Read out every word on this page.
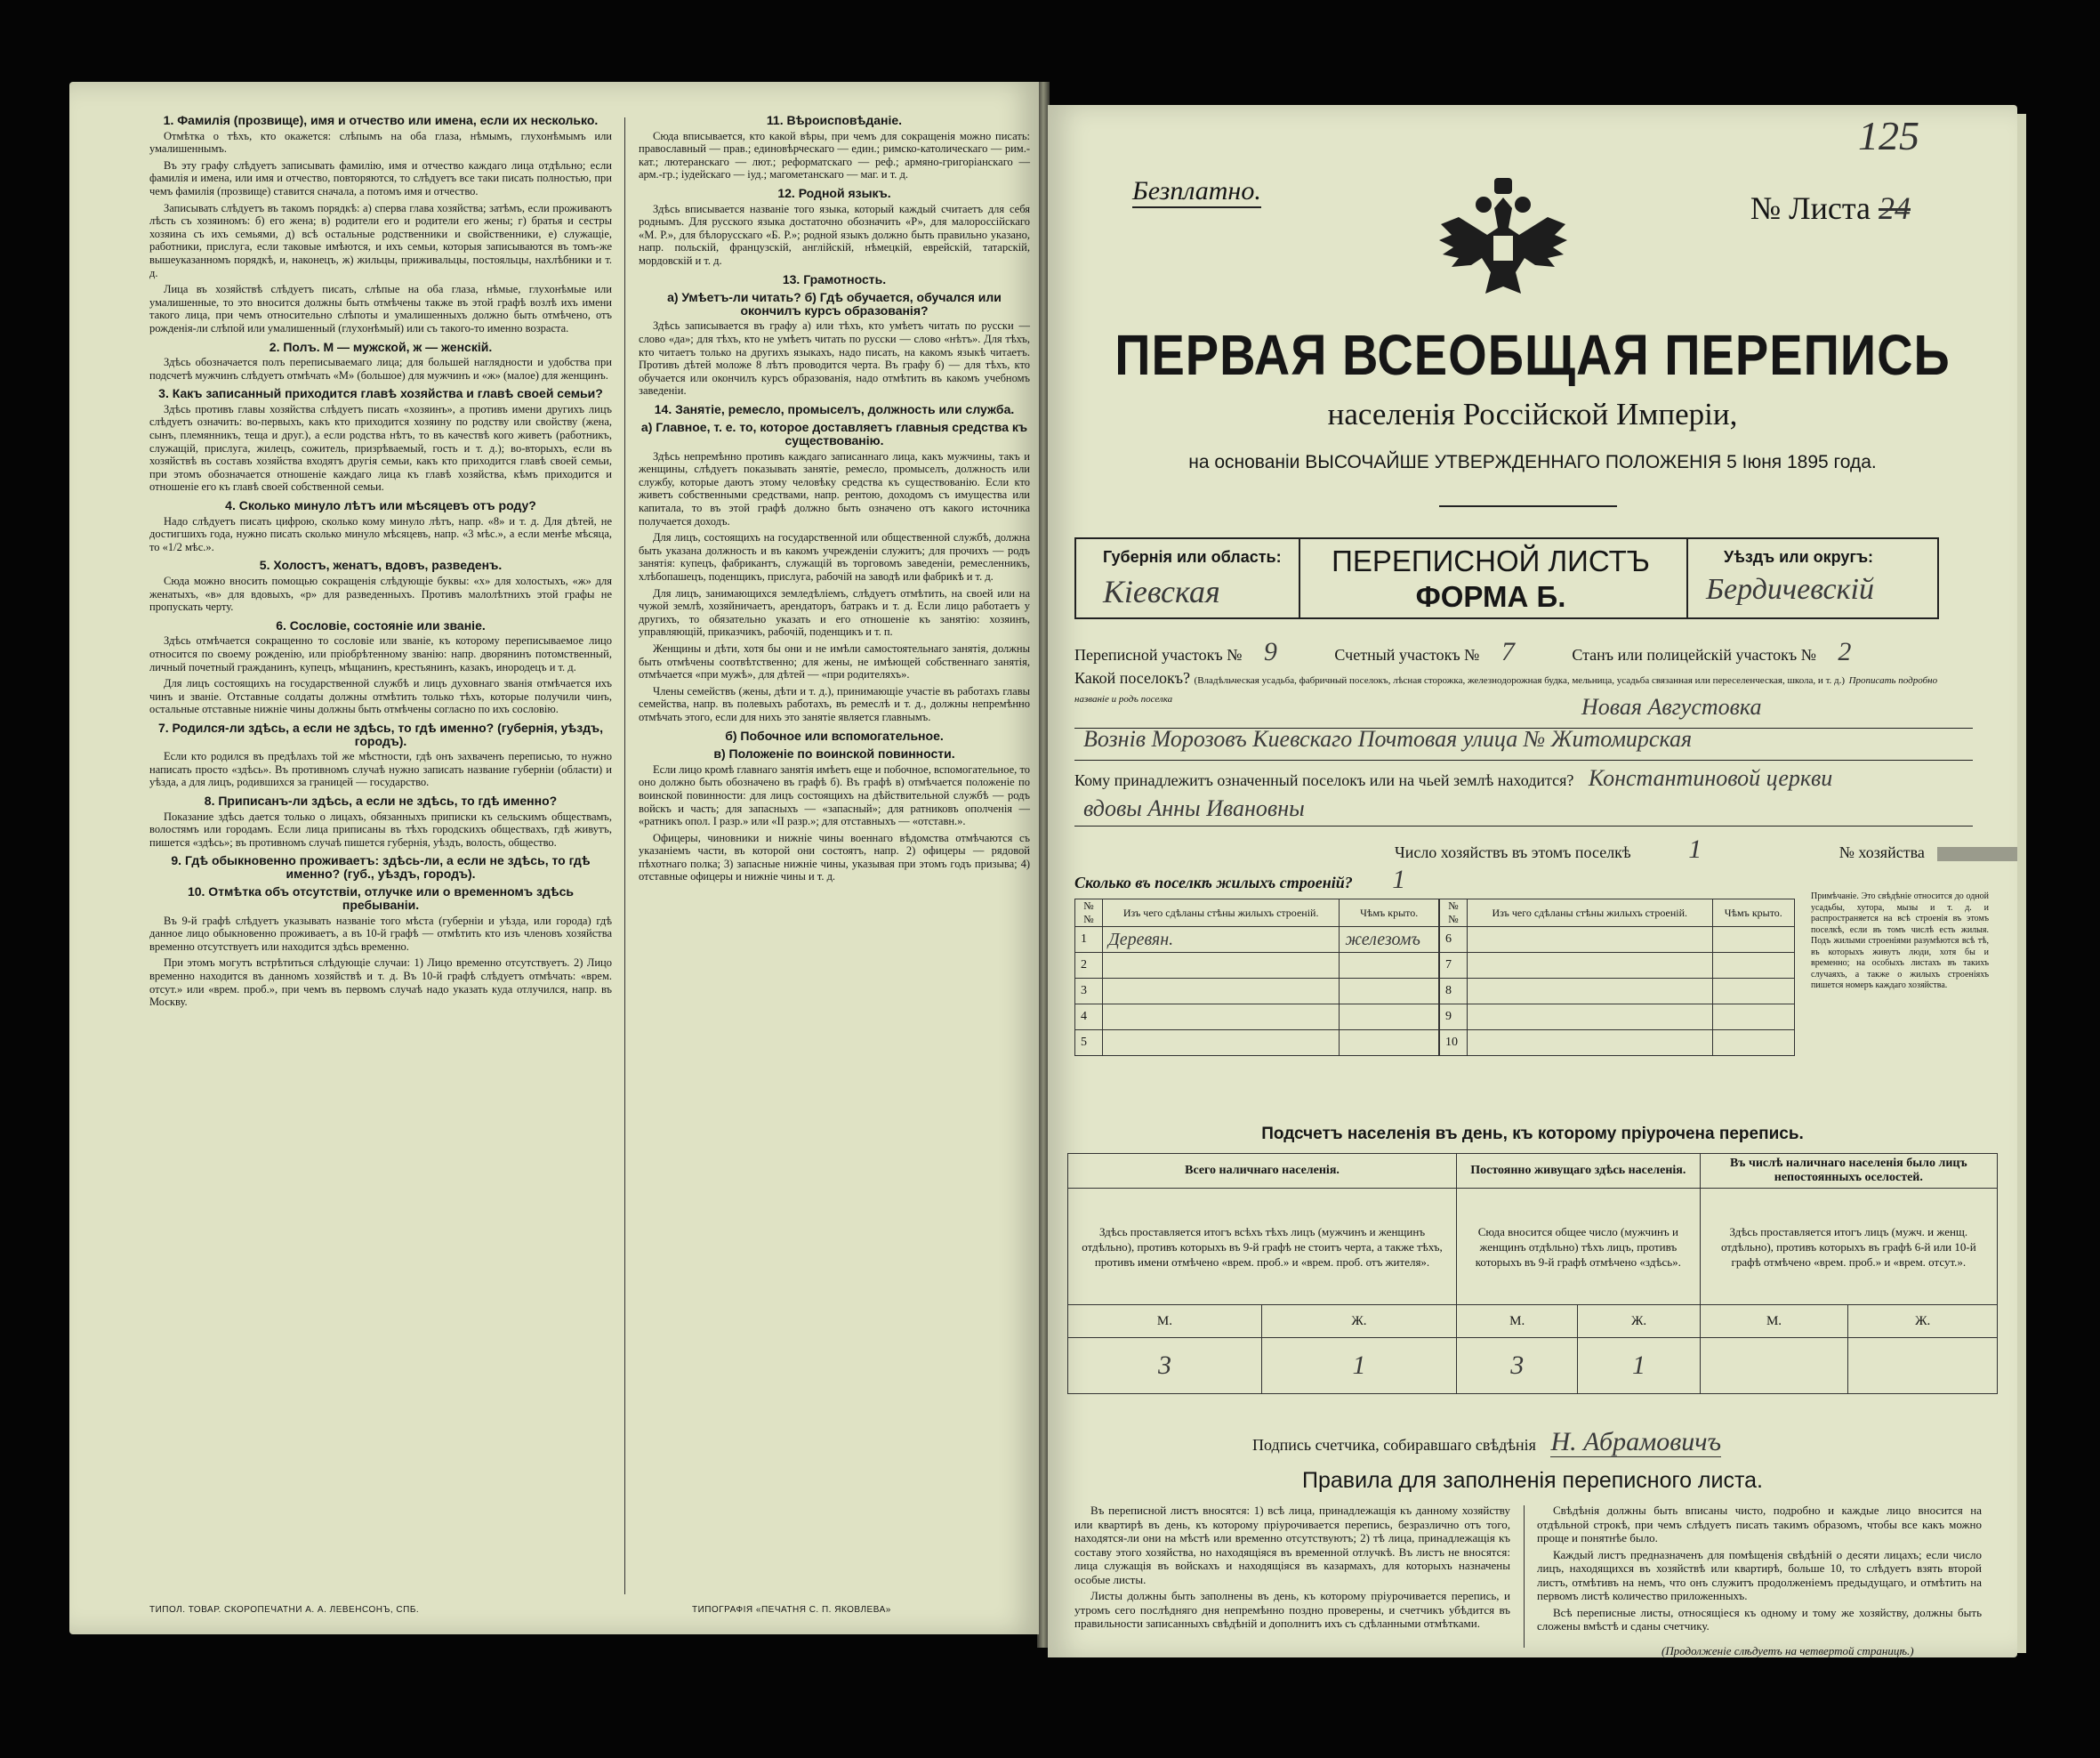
1. Фамилія (прозвище), имя и отчество или имена, если их несколько.

Отмѣтка о тѣхъ, кто окажется: слѣпымъ на оба глаза, нѣмымъ, глухонѣмымъ или умалишеннымъ.

Въ эту графу слѣдуетъ записывать фамилію, имя и отчество каждаго лица отдѣльно; если фамилія и имена, или имя и отчество, повторяются, то слѣдуетъ все таки писать полностью, при чемъ фамилія (прозвище) ставится сначала, а потомъ имя и отчество.

Записывать слѣдуетъ въ такомъ порядкѣ: а) сперва глава хозяйства; затѣмъ, если проживаютъ лѣсть съ хозяиномъ: б) его жена; в) родители его и родители его жены; г) братья и сестры хозяина съ ихъ семьями, д) всѣ остальные родственники и свойственники, е) служащіе, работники, прислуга, если таковые имѣются, и ихъ семьи, которыя записываются въ томъ-же вышеуказанномъ порядкѣ, и, наконецъ, ж) жильцы, приживальцы, постояльцы, нахлѣбники и т. д.

Лица въ хозяйствѣ слѣдуетъ писать, слѣпые на оба глаза, нѣмые, глухонѣмые или умалишенные, то это вносится должны быть отмѣчены также въ этой графѣ возлѣ ихъ имени такого лица, при чемъ относительно слѣпоты и умалишенныхъ должно быть отмѣчено, отъ рожденія-ли слѣпой или умалишенный (глухонѣмый) или съ такого-то именно возраста.

2. Полъ. М — мужской, ж — женскій.

Здѣсь обозначается полъ переписываемаго лица; для большей наглядности и удобства при подсчетѣ мужчинъ слѣдуетъ отмѣчать «М» (большое) для мужчинъ и «ж» (малое) для женщинъ.

3. Какъ записанный приходится главѣ хозяйства и главѣ своей семьи?

Здѣсь противъ главы хозяйства слѣдуетъ писать «хозяинъ», а противъ имени другихъ лицъ слѣдуетъ означить: во-первыхъ, какъ кто приходится хозяину по родству или свойству (жена, сынъ, племянникъ, теща и друг.), а если родства нѣтъ, то въ качествѣ кого живетъ (работникъ, служащій, прислуга, жилецъ, сожитель, призрѣваемый, гость и т. д.); во-вторыхъ, если въ хозяйствѣ въ составъ хозяйства входятъ другія семьи, какъ кто приходится главѣ своей семьи, при этомъ обозначается отношеніе каждаго лица къ главѣ хозяйства, кѣмъ приходится и отношеніе его къ главѣ своей собственной семьи.

4. Сколько минуло лѣтъ или мѣсяцевъ отъ роду?

Надо слѣдуетъ писать цифрою, сколько кому минуло лѣтъ, напр. «8» и т. д. Для дѣтей, не достигшихъ года, нужно писать сколько минуло мѣсяцевъ, напр. «3 мѣс.», а если менѣе мѣсяца, то «1/2 мѣс.».

5. Холостъ, женатъ, вдовъ, разведенъ.

Сюда можно вносить помощью сокращенія слѣдующіе буквы: «х» для холостыхъ, «ж» для женатыхъ, «в» для вдовыхъ, «р» для разведенныхъ. Противъ малолѣтнихъ этой графы не пропускать черту.

6. Сословіе, состояніе или званіе.

Здѣсь отмѣчается сокращенно то сословіе или званіе, къ которому переписываемое лицо относится по своему рожденію, или пріобрѣтенному званію: напр. дворянинъ потомственный, личный почетный гражданинъ, купецъ, мѣщанинъ, крестьянинъ, казакъ, инородецъ и т. д.

Для лицъ состоящихъ на государственной службѣ и лицъ духовнаго званія отмѣчается ихъ чинъ и званіе. Отставные солдаты должны отмѣтить только тѣхъ, которые получили чинъ, остальные отставные нижніе чины должны быть отмѣчены согласно по ихъ сословію.

7. Родился-ли здѣсь, а если не здѣсь, то гдѣ именно? (губернія, уѣздъ, городъ).

Если кто родился въ предѣлахъ той же мѣстности, гдѣ онъ захваченъ переписью, то нужно написать просто «здѣсь». Въ противномъ случаѣ нужно записать название губерніи (области) и уѣзда, а для лицъ, родившихся за границей — государство.

8. Приписанъ-ли здѣсь, а если не здѣсь, то гдѣ именно?

Показание здѣсь дается только о лицахъ, обязанныхъ приписки къ сельскимъ обществамъ, волостямъ или городамъ. Если лица приписаны въ тѣхъ городскихъ обществахъ, гдѣ живутъ, пишется «здѣсь»; въ противномъ случаѣ пишется губернія, уѣздъ, волость, общество.

9. Гдѣ обыкновенно проживаетъ: здѣсь-ли, а если не здѣсь, то гдѣ именно? (губ., уѣздъ, городъ).
10. Отмѣтка объ отсутствіи, отлучке или о временномъ здѣсь пребываніи.

Въ 9-й графѣ слѣдуетъ указывать названіе того мѣста (губерніи и уѣзда, или города) гдѣ данное лицо обыкновенно проживаетъ, а въ 10-й графѣ — отмѣтить кто изъ членовъ хозяйства временно отсутствуетъ или находится здѣсь временно.

При этомъ могутъ встрѣтиться слѣдующіе случаи: 1) Лицо временно отсутствуетъ. 2) Лицо временно находится въ данномъ хозяйствѣ и т. д. Въ 10-й графѣ слѣдуетъ отмѣчать: «врем. отсут.» или «врем. проб.», при чемъ въ первомъ случаѣ надо указать куда отлучился, напр. въ Москву.

11. Вѣроисповѣданіе.

Сюда вписывается, кто какой вѣры, при чемъ для сокращенія можно писать: православный — прав.; единовѣрческаго — един.; римско-католическаго — рим.-кат.; лютеранскаго — лют.; реформатскаго — реф.; армяно-григоріанскаго — арм.-гр.; іудейскаго — іуд.; магометанскаго — маг. и т. д.

12. Родной языкъ.

Здѣсь вписывается названіе того языка, который каждый считаетъ для себя роднымъ. Для русского языка достаточно обозначить «Р», для малороссійскаго «М. Р.», для бѣлорусскаго «Б. Р.»; родной языкъ должно быть правильно указано, напр. польскій, французскій, англійскій, нѣмецкій, еврейскій, татарскій, мордовскій и т. д.

13. Грамотность.
а) Умѣетъ-ли читать? б) Гдѣ обучается, обучался или окончилъ курсъ образованія?

Здѣсь записывается въ графу а) или тѣхъ, кто умѣетъ читать по русски — слово «да»; для тѣхъ, кто не умѣетъ читать по русски — слово «нѣтъ». Для тѣхъ, кто читаетъ только на другихъ языкахъ, надо писать, на какомъ языкѣ читаетъ. Противъ дѣтей моложе 8 лѣтъ проводится черта. Въ графу б) — для тѣхъ, кто обучается или окончилъ курсъ образованія, надо отмѣтить въ какомъ учебномъ заведеніи.

14. Занятіе, ремесло, промыселъ, должность или служба.
а) Главное, т. е. то, которое доставляетъ главныя средства къ существованію.

Здѣсь непремѣнно противъ каждаго записаннаго лица, какъ мужчины, такъ и женщины, слѣдуетъ показывать занятіе, ремесло, промыселъ, должность или службу, которые даютъ этому человѣку средства къ существованію. Если кто живетъ собственными средствами, напр. рентою, доходомъ съ имущества или капитала, то въ этой графѣ должно быть означено отъ какого источника получается доходъ.

Для лицъ, состоящихъ на государственной или общественной службѣ, должна быть указана должность и въ какомъ учрежденіи служитъ; для прочихъ — родъ занятія: купецъ, фабрикантъ, служащій въ торговомъ заведеніи, ремесленникъ, хлѣбопашецъ, поденщикъ, прислуга, рабочій на заводѣ или фабрикѣ и т. д.

Для лицъ, занимающихся земледѣліемъ, слѣдуетъ отмѣтить, на своей или на чужой землѣ, хозяйничаетъ, арендаторъ, батракъ и т. д. Если лицо работаетъ у другихъ, то обязательно указать и его отношеніе къ занятію: хозяинъ, управляющій, приказчикъ, рабочій, поденщикъ и т. п.

Женщины и дѣти, хотя бы они и не имѣли самостоятельнаго занятія, должны быть отмѣчены соотвѣтственно; для жены, не имѣющей собственнаго занятія, отмѣчается «при мужѣ», для дѣтей — «при родителяхъ».

Члены семействъ (жены, дѣти и т. д.), принимающіе участіе въ работахъ главы семейства, напр. въ полевыхъ работахъ, въ ремеслѣ и т. д., должны непремѣнно отмѣчать этого, если для нихъ это занятіе является главнымъ.

б) Побочное или вспомогательное.
в) Положеніе по воинской повинности.

Если лицо кромѣ главнаго занятія имѣетъ еще и побочное, вспомогательное, то оно должно быть обозначено въ графѣ б). Въ графѣ в) отмѣчается положеніе по воинской повинности: для лицъ состоящихъ на дѣйствительной службѣ — родъ войскъ и часть; для запасныхъ — «запасный»; для ратниковъ ополченія — «ратникъ опол. I разр.» или «II разр.»; для отставныхъ — «отставн.».

Офицеры, чиновники и нижніе чины военнаго вѣдомства отмѣчаются съ указаніемъ части, въ которой они состоятъ, напр. 2) офицеры — рядовой пѣхотнаго полка; 3) запасные нижніе чины, указывая при этомъ годъ призыва; 4) отставные офицеры и нижніе чины и т. д.

ТИПОЛ. ТОВАР. СКОРОПЕЧАТНИ А. А. ЛЕВЕНСОНЪ, СПБ.	ТИПОГРАФІЯ «ПЕЧАТНЯ С. П. ЯКОВЛЕВА»
125
Безплатно.	№ Листа 24
ПЕРВАЯ ВСЕОБЩАЯ ПЕРЕПИСЬ
населенія Россійской Имперіи,
на основаніи ВЫСОЧАЙШЕ УТВЕРЖДЕННАГО ПОЛОЖЕНІЯ 5 Іюня 1895 года.
Губернія или область:
Кіевская
ПЕРЕПИСНОЙ ЛИСТЪ
ФОРМА Б.
Уѣздъ или округъ:
Бердичевскій
Переписной участокъ № 9	Счетный участокъ № 7	Станъ или полицейскій участокъ № 2
Какой поселокъ? (Владѣльческая усадьба, фабричный поселокъ, лѣсная сторожка, железнодорожная будка, мельница, усадьба связанная или переселенческая, школа, и т. д.) Прописать подробно названіе и родъ поселка	Новая Августовка
Вознів Морозовъ Киевскаго Почтовая улица № Житомирская
Кому принадлежитъ означенный поселокъ или на чьей землѣ находится? Константиновой церкви
вдовы Анны Ивановны
Число хозяйствъ въ этомъ поселкѣ 1	№ хозяйства
Сколько въ поселкѣ жилыхъ строеній? 1
№№	Изъ чего сдѣланы стѣны жилыхъ строеній.	Чѣмъ крыто.
1	Деревян.	железомъ
2		
3		
4		
5		
№№	Изъ чего сдѣланы стѣны жилыхъ строеній.	Чѣмъ крыто.
6		
7		
8		
9		
10		
Примѣчаніе. Это свѣдѣніе относится до одной усадьбы, хутора, мызы и т. д. и распространяется на всѣ строенія въ этомъ поселкѣ, если въ томъ числѣ есть жилыя. Подъ жилыми строеніями разумѣются всѣ тѣ, въ которыхъ живутъ люди, хотя бы и временно; на особыхъ листахъ въ такихъ случаяхъ, а также о жилыхъ строеніяхъ пишется номеръ каждаго хозяйства.
Подсчетъ населенія въ день, къ которому пріурочена перепись.
Всего наличнаго населенія.		Постоянно живущаго здѣсь населенія.		Въ числѣ наличнаго населенія было лицъ непостоянныхъ оселостей.	
Здѣсь проставляется итогъ всѣхъ тѣхъ лицъ (мужчинъ и женщинъ отдѣльно), противъ которыхъ въ 9-й графѣ не стоитъ черта, а также тѣхъ, противъ имени отмѣчено «врем. проб.» и «врем. проб. отъ жителя».		Сюда вносится общее число (мужчинъ и женщинъ отдѣльно) тѣхъ лицъ, противъ которыхъ въ 9-й графѣ отмѣчено «здѣсь».		Здѣсь проставляется итогъ лицъ (мужч. и женщ. отдѣльно), противъ которыхъ въ графѣ 6-й или 10-й графѣ отмѣчено «врем. проб.» и «врем. отсут.».	
М.	Ж.	М.	Ж.	М.	Ж.
3	1	3	1		
Подпись счетчика, собиравшаго свѣдѣнія Н. Абрамовичъ
Правила для заполненія переписного листа.

Въ переписной листъ вносятся: 1) всѣ лица, принадлежащія къ данному хозяйству или квартирѣ въ день, къ которому пріурочивается перепись, безразлично отъ того, находятся-ли они на мѣстѣ или временно отсутствуютъ; 2) тѣ лица, принадлежащія къ составу этого хозяйства, но находящіяся въ временной отлучкѣ. Въ листъ не вносятся: лица служащія въ войскахъ и находящіяся въ казармахъ, для которыхъ назначены особые листы.

Листы должны быть заполнены въ день, къ которому пріурочивается перепись, и утромъ сего послѣдняго дня непремѣнно поздно проверены, и счетчикъ убѣдится въ правильности записанныхъ свѣдѣній и дополнитъ ихъ съ сдѣланными отмѣтками.

Свѣдѣнія должны быть вписаны чисто, подробно и каждые лицо вносится на отдѣльной строкѣ, при чемъ слѣдуетъ писать такимъ образомъ, чтобы все какъ можно проще и понятнѣе было.

Каждый листъ предназначенъ для помѣщенія свѣдѣній о десяти лицахъ; если число лицъ, находящихся въ хозяйствѣ или квартирѣ, больше 10, то слѣдуетъ взять второй листъ, отмѣтивъ на немъ, что онъ служитъ продолженіемъ предыдущаго, и отмѣтить на первомъ листѣ количество приложенныхъ.

Всѣ переписные листы, относящіеся къ одному и тому же хозяйству, должны быть сложены вмѣстѣ и сданы счетчику.

(Продолженіе слѣдуетъ на четвертой страницѣ.)
